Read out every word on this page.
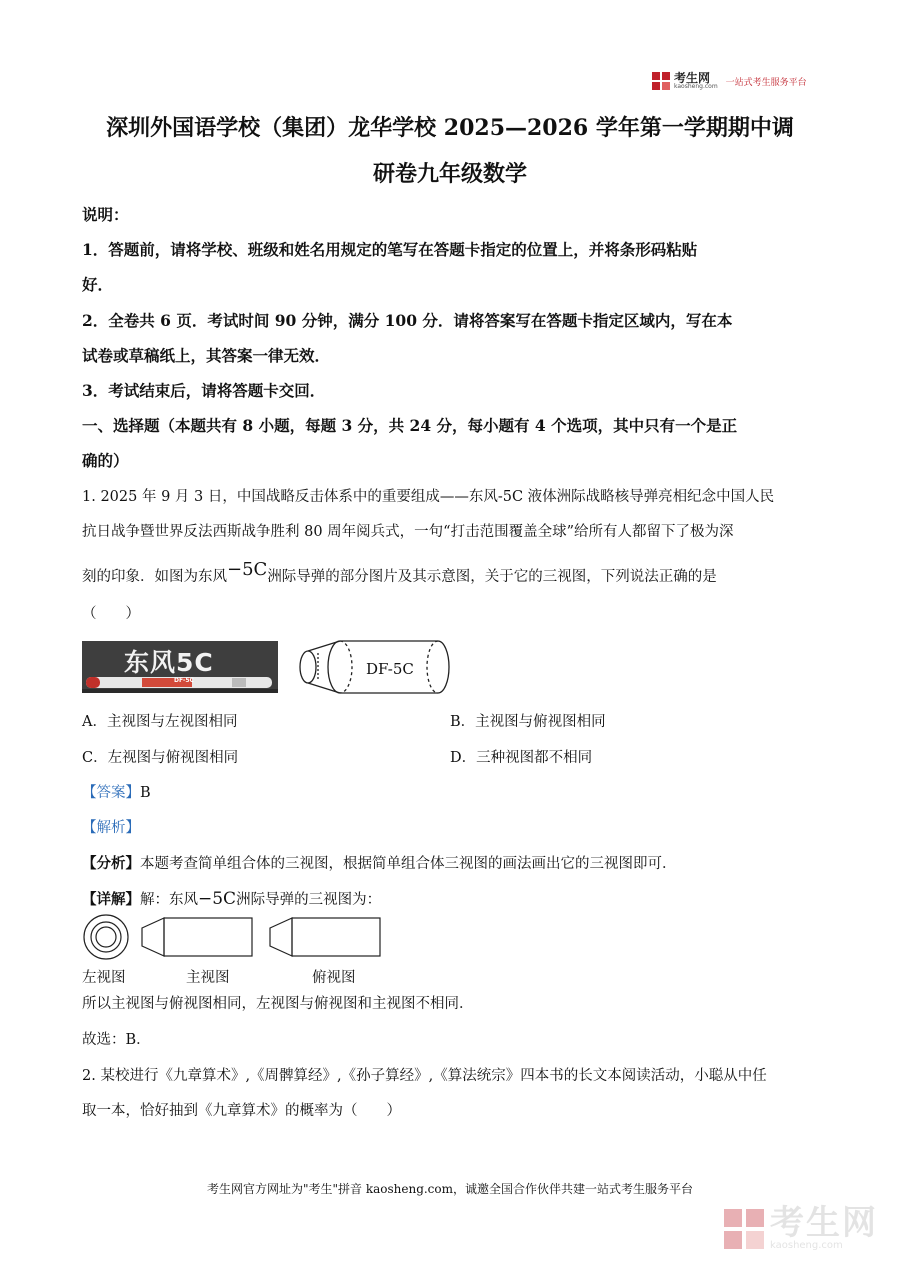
考生网
kaosheng.com 一站式考生服务平台
深圳外国语学校（集团）龙华学校 2025—2026 学年第一学期期中调
研卷九年级数学
说明：
1．答题前，请将学校、班级和姓名用规定的笔写在答题卡指定的位置上，并将条形码粘贴
好．
2．全卷共 6 页．考试时间 90 分钟，满分 100 分．请将答案写在答题卡指定区域内，写在本
试卷或草稿纸上，其答案一律无效．
3．考试结束后，请将答题卡交回．
一、选择题（本题共有 8 小题，每题 3 分，共 24 分，每小题有 4 个选项，其中只有一个是正
确的）
1. 2025 年 9 月 3 日，中国战略反击体系中的重要组成——东风-5C 液体洲际战略核导弹亮相纪念中国人民
抗日战争暨世界反法西斯战争胜利 80 周年阅兵式，一句“打击范围覆盖全球”给所有人都留下了极为深
刻的印象．如图为东风−5C洲际导弹的部分图片及其示意图，关于它的三视图，下列说法正确的是
（　　）
东风5C
DF-5C
DF-5C
A．主视图与左视图相同	B．主视图与俯视图相同
C．左视图与俯视图相同	D．三种视图都不相同
【答案】B
【解析】
【分析】本题考查简单组合体的三视图，根据简单组合体三视图的画法画出它的三视图即可．
【详解】解：东风−5C洲际导弹的三视图为：
左视图	主视图	俯视图
所以主视图与俯视图相同，左视图与俯视图和主视图不相同．
故选：B．
2. 某校进行《九章算术》,《周髀算经》,《孙子算经》,《算法统宗》四本书的长文本阅读活动，小聪从中任
取一本，恰好抽到《九章算术》的概率为（　　）
考生网官方网址为"考生"拼音 kaosheng.com，诚邀全国合作伙伴共建一站式考生服务平台
考生网
kaosheng.com
